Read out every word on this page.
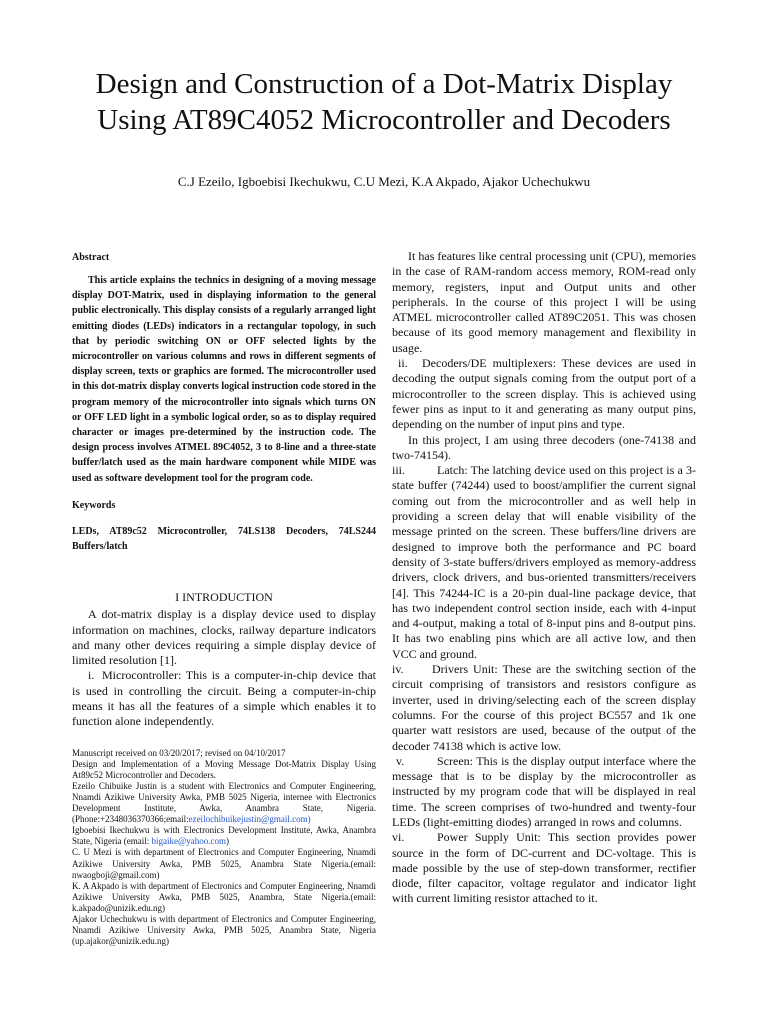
Design and Construction of a Dot-Matrix Display
Using AT89C4052 Microcontroller and Decoders

C.J Ezeilo, Igboebisi Ikechukwu, C.U Mezi, K.A Akpado, Ajakor Uchechukwu

Abstract

This article explains the technics in designing of a moving message display DOT-Matrix, used in displaying information to the general public electronically. This display consists of a regularly arranged light emitting diodes (LEDs) indicators in a rectangular topology, in such that by periodic switching ON or OFF selected lights by the microcontroller on various columns and rows in different segments of display screen, texts or graphics are formed. The microcontroller used in this dot-matrix display converts logical instruction code stored in the program memory of the microcontroller into signals which turns ON or OFF LED light in a symbolic logical order, so as to display required character or images pre-determined by the instruction code. The design process involves ATMEL 89C4052, 3 to 8-line and a three-state buffer/latch used as the main hardware component while MIDE was used as software development tool for the program code.

Keywords

LEDs, AT89c52 Microcontroller, 74LS138 Decoders, 74LS244 Buffers/latch

I INTRODUCTION

A dot-matrix display is a display device used to display information on machines, clocks, railway departure indicators and many other devices requiring a simple display device of limited resolution [1].

i. Microcontroller: This is a computer-in-chip device that is used in controlling the circuit. Being a computer-in-chip means it has all the features of a simple which enables it to function alone independently.

Manuscript received on 03/20/2017; revised on 04/10/2017

Design and Implementation of a Moving Message Dot-Matrix Display Using At89c52 Microcontroller and Decoders.

Ezeilo Chibuike Justin is a student with Electronics and Computer Engineering, Nnamdi Azikiwe University Awka, PMB 5025 Nigeria, internee with Electronics Development Institute, Awka, Anambra State, Nigeria.(Phone:+2348036370366;email:ezeilochibuikejustin@gmail.com)

Igboebisi Ikechukwu is with Electronics Development Institute, Awka, Anambra State, Nigeria (email: bigaike@yahoo.com)

C. U Mezi is with department of Electronics and Computer Engineering, Nnamdi Azikiwe University Awka, PMB 5025, Anambra State Nigeria.(email: nwaogboji@gmail.com)

K. A Akpado is with department of Electronics and Computer Engineering, Nnamdi Azikiwe University Awka, PMB 5025, Anambra, State Nigeria.(email: k.akpado@unizik.edu.ng)

Ajakor Uchechukwu is with department of Electronics and Computer Engineering, Nnamdi Azikiwe University Awka, PMB 5025, Anambra State, Nigeria (up.ajakor@unizik.edu.ng)

It has features like central processing unit (CPU), memories in the case of RAM-random access memory, ROM-read only memory, registers, input and Output units and other peripherals. In the course of this project I will be using ATMEL microcontroller called AT89C2051. This was chosen because of its good memory management and flexibility in usage.

ii. Decoders/DE multiplexers: These devices are used in decoding the output signals coming from the output port of a microcontroller to the screen display. This is achieved using fewer pins as input to it and generating as many output pins, depending on the number of input pins and type.

In this project, I am using three decoders (one-74138 and two-74154).

iii.	Latch: The latching device used on this project is a 3-state buffer (74244) used to boost/amplifier the current signal coming out from the microcontroller and as well help in providing a screen delay that will enable visibility of the message printed on the screen. These buffers/line drivers are designed to improve both the performance and PC board density of 3-state buffers/drivers employed as memory-address drivers, clock drivers, and bus-oriented transmitters/receivers [4]. This 74244-IC is a 20-pin dual-line package device, that has two independent control section inside, each with 4-input and 4-output, making a total of 8-input pins and 8-output pins. It has two enabling pins which are all active low, and then VCC and ground.

iv. Drivers Unit: These are the switching section of the circuit comprising of transistors and resistors configure as inverter, used in driving/selecting each of the screen display columns. For the course of this project BC557 and 1k one quarter watt resistors are used, because of the output of the decoder 74138 which is active low.

v.	Screen: This is the display output interface where the message that is to be display by the microcontroller as instructed by my program code that will be displayed in real time. The screen comprises of two-hundred and twenty-four LEDs (light-emitting diodes) arranged in rows and columns.

vi.	Power Supply Unit: This section provides power source in the form of DC-current and DC-voltage. This is made possible by the use of step-down transformer, rectifier diode, filter capacitor, voltage regulator and indicator light with current limiting resistor attached to it.
